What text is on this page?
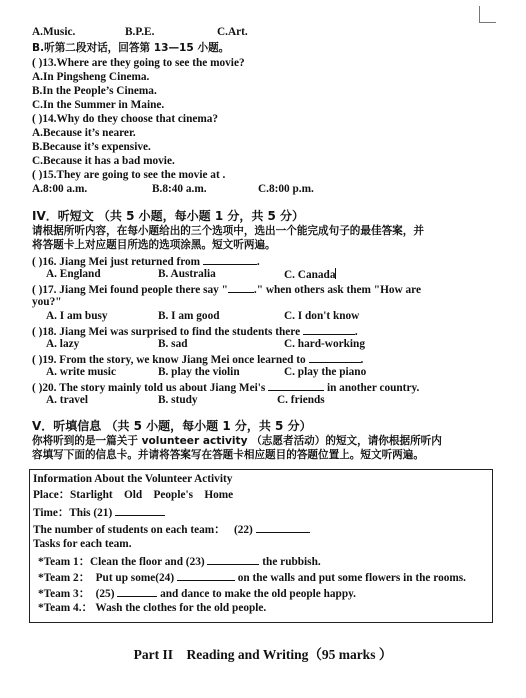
A.Music.	B.P.E.	C.Art.
B.听第二段对话，回答第 13—15 小题。
( )13.Where are they going to see the movie?
A.In Pingsheng Cinema.
B.In the People’s Cinema.
C.In the Summer in Maine.
( )14.Why do they choose that cinema?
A.Because it’s nearer.
B.Because it’s expensive.
C.Because it has a bad movie.
( )15.They are going to see the movie at .
A.8:00 a.m.	B.8:40 a.m.	C.8:00 p.m.
IV．听短文 （共 5 小题，每小题 1 分，共 5 分）
请根据所听内容，在每小题给出的三个选项中，选出一个能完成句子的最佳答案，并
将答题卡上对应题目所选的选项涂黑。短文听两遍。
( )16. Jiang Mei just returned from	.
A. England	B. Australia	C. Canada
( )17. Jiang Mei found people there say " ." when others ask them "How are
you?"
A. I am busy	B. I am good	C. I don't know
( )18. Jiang Mei was surprised to find the students there	.
A. lazy	B. sad	C. hard-working
( )19. From the story, we know Jiang Mei once learned to	.
A. write music	B. play the violin	C. play the piano
( )20. The story mainly told us about Jiang Mei's	in another country.
A. travel	B. study	C. friends
V．听填信息 （共 5 小题，每小题 1 分，共 5 分）
你将听到的是一篇关于 volunteer activity （志愿者活动）的短文，请你根据所听内
容填写下面的信息卡。并请将答案写在答题卡相应题目的答题位置上。短文听两遍。
Information About the Volunteer Activity
Place：Starlight    Old    People's    Home
Time：This (21)
The number of students on each team：   (22)
Tasks for each team.
*Team 1：Clean the floor and (23)	the rubbish.
*Team 2：  Put up some(24)	on the walls and put some flowers in the rooms.
*Team 3：  (25)	and dance to make the old people happy.
*Team 4.： Wash the clothes for the old people.
Part II    Reading and Writing（95 marks ）
